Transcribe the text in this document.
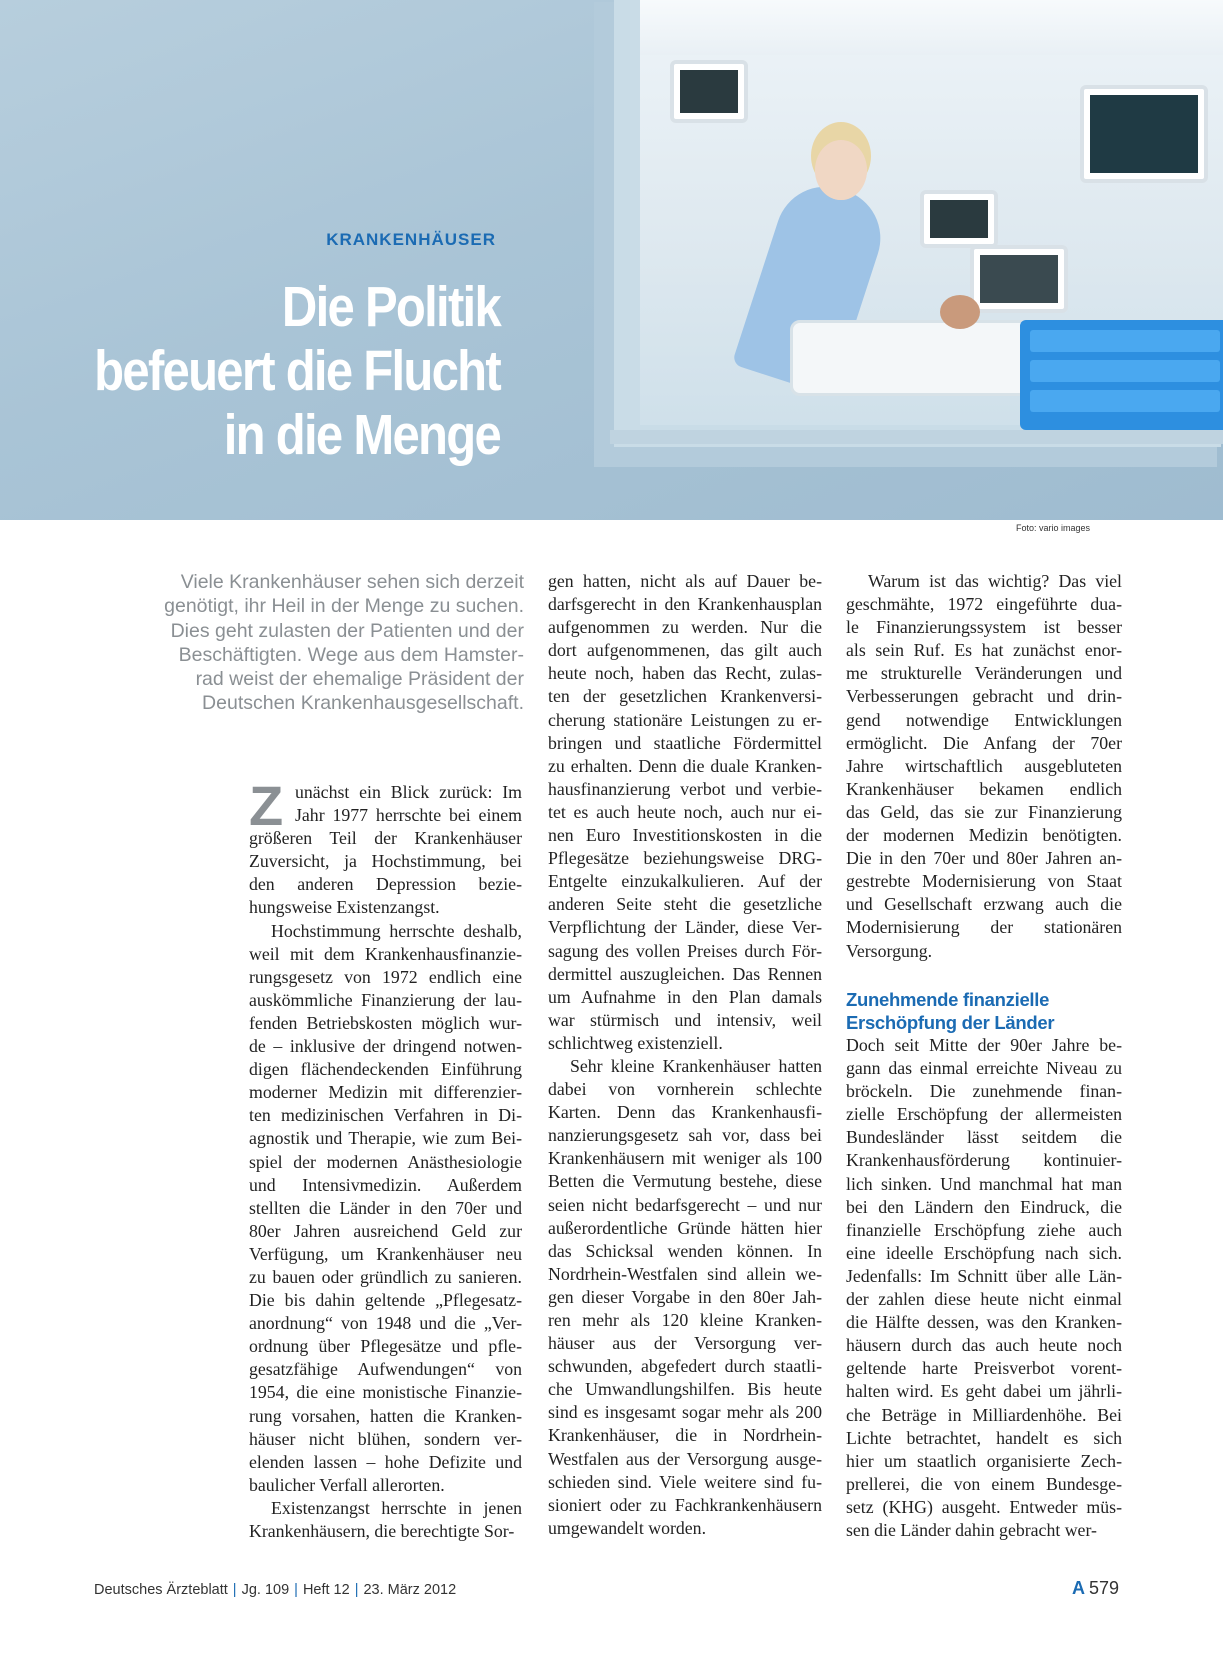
KRANKENHÄUSER
Die Politik
befeuert die Flucht
in die Menge
Foto: vario images
Viele Krankenhäuser sehen sich derzeit
genötigt, ihr Heil in der Menge zu suchen.
Dies geht zulasten der Patienten und der
Beschäftigten. Wege aus dem Hamster-
rad weist der ehemalige Präsident der
Deutschen Krankenhausgesellschaft.
Z unächst ein Blick zurück: Im
Jahr 1977 herrschte bei einem
größeren Teil der Krankenhäuser
Zuversicht, ja Hochstimmung, bei
den anderen Depression bezie-
hungsweise Existenzangst.
Hochstimmung herrschte deshalb,
weil mit dem Krankenhausfinanzie-
rungsgesetz von 1972 endlich eine
auskömmliche Finanzierung der lau-
fenden Betriebskosten möglich wur-
de – inklusive der dringend notwen-
digen flächendeckenden Einführung
moderner Medizin mit differenzier-
ten medizinischen Verfahren in Di-
agnostik und Therapie, wie zum Bei-
spiel der modernen Anästhesiologie
und Intensivmedizin. Außerdem
stellten die Länder in den 70er und
80er Jahren ausreichend Geld zur
Verfügung, um Krankenhäuser neu
zu bauen oder gründlich zu sanieren.
Die bis dahin geltende „Pflegesatz-
anordnung“ von 1948 und die „Ver-
ordnung über Pflegesätze und pfle-
gesatzfähige Aufwendungen“ von
1954, die eine monistische Finanzie-
rung vorsahen, hatten die Kranken-
häuser nicht blühen, sondern ver-
elenden lassen – hohe Defizite und
baulicher Verfall allerorten.
Existenzangst herrschte in jenen
Krankenhäusern, die berechtigte Sor-
gen hatten, nicht als auf Dauer be-
darfsgerecht in den Krankenhausplan
aufgenommen zu werden. Nur die
dort aufgenommenen, das gilt auch
heute noch, haben das Recht, zulas-
ten der gesetzlichen Krankenversi-
cherung stationäre Leistungen zu er-
bringen und staatliche Fördermittel
zu erhalten. Denn die duale Kranken-
hausfinanzierung verbot und verbie-
tet es auch heute noch, auch nur ei-
nen Euro Investitionskosten in die
Pflegesätze beziehungsweise DRG-
Entgelte einzukalkulieren. Auf der
anderen Seite steht die gesetzliche
Verpflichtung der Länder, diese Ver-
sagung des vollen Preises durch För-
dermittel auszugleichen. Das Rennen
um Aufnahme in den Plan damals
war stürmisch und intensiv, weil
schlichtweg existenziell.
Sehr kleine Krankenhäuser hatten
dabei von vornherein schlechte
Karten. Denn das Krankenhausfi-
nanzierungsgesetz sah vor, dass bei
Krankenhäusern mit weniger als 100
Betten die Vermutung bestehe, diese
seien nicht bedarfsgerecht – und nur
außerordentliche Gründe hätten hier
das Schicksal wenden können. In
Nordrhein-Westfalen sind allein we-
gen dieser Vorgabe in den 80er Jah-
ren mehr als 120 kleine Kranken-
häuser aus der Versorgung ver-
schwunden, abgefedert durch staatli-
che Umwandlungshilfen. Bis heute
sind es insgesamt sogar mehr als 200
Krankenhäuser, die in Nordrhein-
Westfalen aus der Versorgung ausge-
schieden sind. Viele weitere sind fu-
sioniert oder zu Fachkrankenhäusern
umgewandelt worden.
Warum ist das wichtig? Das viel
geschmähte, 1972 eingeführte dua-
le Finanzierungssystem ist besser
als sein Ruf. Es hat zunächst enor-
me strukturelle Veränderungen und
Verbesserungen gebracht und drin-
gend notwendige Entwicklungen
ermöglicht. Die Anfang der 70er
Jahre wirtschaftlich ausgebluteten
Krankenhäuser bekamen endlich
das Geld, das sie zur Finanzierung
der modernen Medizin benötigten.
Die in den 70er und 80er Jahren an-
gestrebte Modernisierung von Staat
und Gesellschaft erzwang auch die
Modernisierung der stationären
Versorgung.
Zunehmende finanzielle
Erschöpfung der Länder
Doch seit Mitte der 90er Jahre be-
gann das einmal erreichte Niveau zu
bröckeln. Die zunehmende finan-
zielle Erschöpfung der allermeisten
Bundesländer lässt seitdem die
Krankenhausförderung kontinuier-
lich sinken. Und manchmal hat man
bei den Ländern den Eindruck, die
finanzielle Erschöpfung ziehe auch
eine ideelle Erschöpfung nach sich.
Jedenfalls: Im Schnitt über alle Län-
der zahlen diese heute nicht einmal
die Hälfte dessen, was den Kranken-
häusern durch das auch heute noch
geltende harte Preisverbot vorent-
halten wird. Es geht dabei um jährli-
che Beträge in Milliardenhöhe. Bei
Lichte betrachtet, handelt es sich
hier um staatlich organisierte Zech-
prellerei, die von einem Bundesge-
setz (KHG) ausgeht. Entweder müs-
sen die Länder dahin gebracht wer-
Deutsches Ärzteblatt | Jg. 109 | Heft 12 | 23. März 2012	A 579
